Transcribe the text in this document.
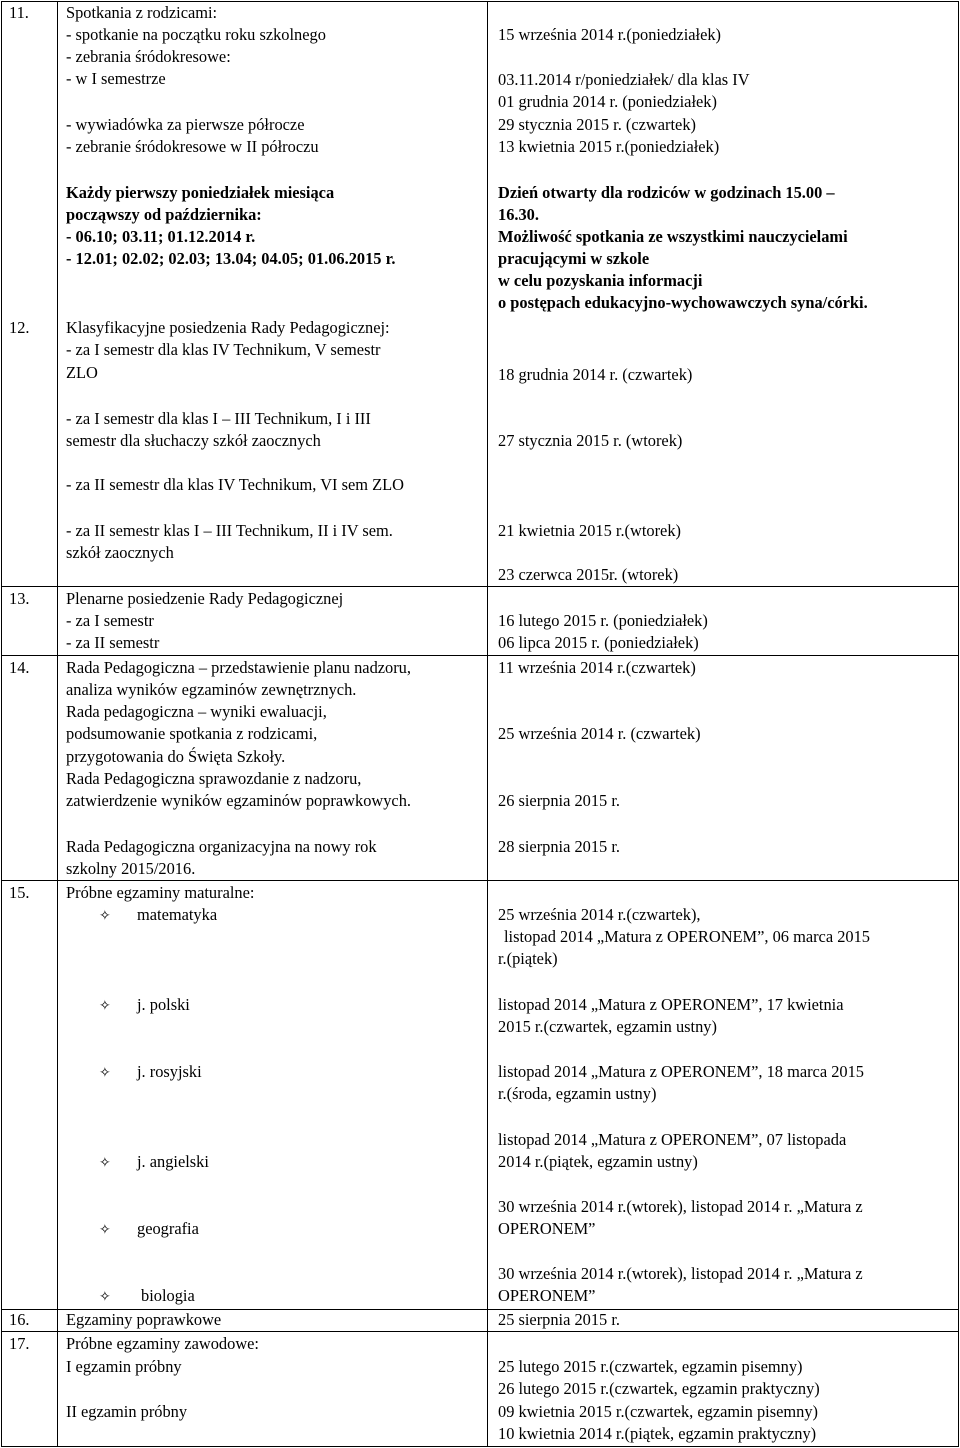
11. Spotkania z rodzicami:
- spotkanie na początku roku szkolnego
- zebrania śródokresowe:
- w I semestrze
- wywiadówka za pierwsze półrocze
- zebranie śródokresowe w II półroczu
Każdy pierwszy poniedziałek miesiąca
począwszy od października:
- 06.10; 03.11; 01.12.2014 r.
- 12.01; 02.02; 02.03; 13.04; 04.05; 01.06.2015 r.
15 września 2014 r.(poniedziałek)
03.11.2014 r/poniedziałek/ dla klas IV
01 grudnia 2014 r. (poniedziałek)
29 stycznia 2015 r. (czwartek)
13 kwietnia 2015 r.(poniedziałek)
Dzień otwarty dla rodziców w godzinach 15.00 –
16.30.
Możliwość spotkania ze wszystkimi nauczycielami
pracującymi w szkole
w celu pozyskania informacji
o postępach edukacyjno-wychowawczych syna/córki.
12. Klasyfikacyjne posiedzenia Rady Pedagogicznej:
- za I semestr dla klas IV Technikum, V semestr
ZLO
- za I semestr dla klas I – III Technikum, I i III
semestr dla słuchaczy szkół zaocznych
- za II semestr dla klas IV Technikum, VI sem ZLO
- za II semestr klas I – III Technikum, II i IV sem.
szkół zaocznych
18 grudnia 2014 r. (czwartek)
27 stycznia 2015 r. (wtorek)
21 kwietnia 2015 r.(wtorek)
23 czerwca 2015r. (wtorek)
13. Plenarne posiedzenie Rady Pedagogicznej
- za I semestr
- za II semestr
16 lutego 2015 r. (poniedziałek)
06 lipca 2015 r. (poniedziałek)
14. Rada Pedagogiczna – przedstawienie planu nadzoru,
analiza wyników egzaminów zewnętrznych.
Rada pedagogiczna – wyniki ewaluacji,
podsumowanie spotkania z rodzicami,
przygotowania do Święta Szkoły.
Rada Pedagogiczna sprawozdanie z nadzoru,
zatwierdzenie wyników egzaminów poprawkowych.
Rada Pedagogiczna organizacyjna na nowy rok
szkolny 2015/2016.
11 września 2014 r.(czwartek)
25 września 2014 r. (czwartek)
26 sierpnia 2015 r.
28 sierpnia 2015 r.
15. Próbne egzaminy maturalne:
✧ matematyka
✧ j. polski
✧ j. rosyjski
✧ j. angielski
✧ geografia
✧ biologia
25 września 2014 r.(czwartek),
listopad 2014 „Matura z OPERONEM”, 06 marca 2015
r.(piątek)
listopad 2014 „Matura z OPERONEM”, 17 kwietnia
2015 r.(czwartek, egzamin ustny)
listopad 2014 „Matura z OPERONEM”, 18 marca 2015
r.(środa, egzamin ustny)
listopad 2014 „Matura z OPERONEM”, 07 listopada
2014 r.(piątek, egzamin ustny)
30 września 2014 r.(wtorek), listopad 2014 r. „Matura z
OPERONEM”
30 września 2014 r.(wtorek), listopad 2014 r. „Matura z
OPERONEM”
16. Egzaminy poprawkowe	25 sierpnia 2015 r.
17. Próbne egzaminy zawodowe:
I egzamin próbny
II egzamin próbny
25 lutego 2015 r.(czwartek, egzamin pisemny)
26 lutego 2015 r.(czwartek, egzamin praktyczny)
09 kwietnia 2015 r.(czwartek, egzamin pisemny)
10 kwietnia 2014 r.(piątek, egzamin praktyczny)
